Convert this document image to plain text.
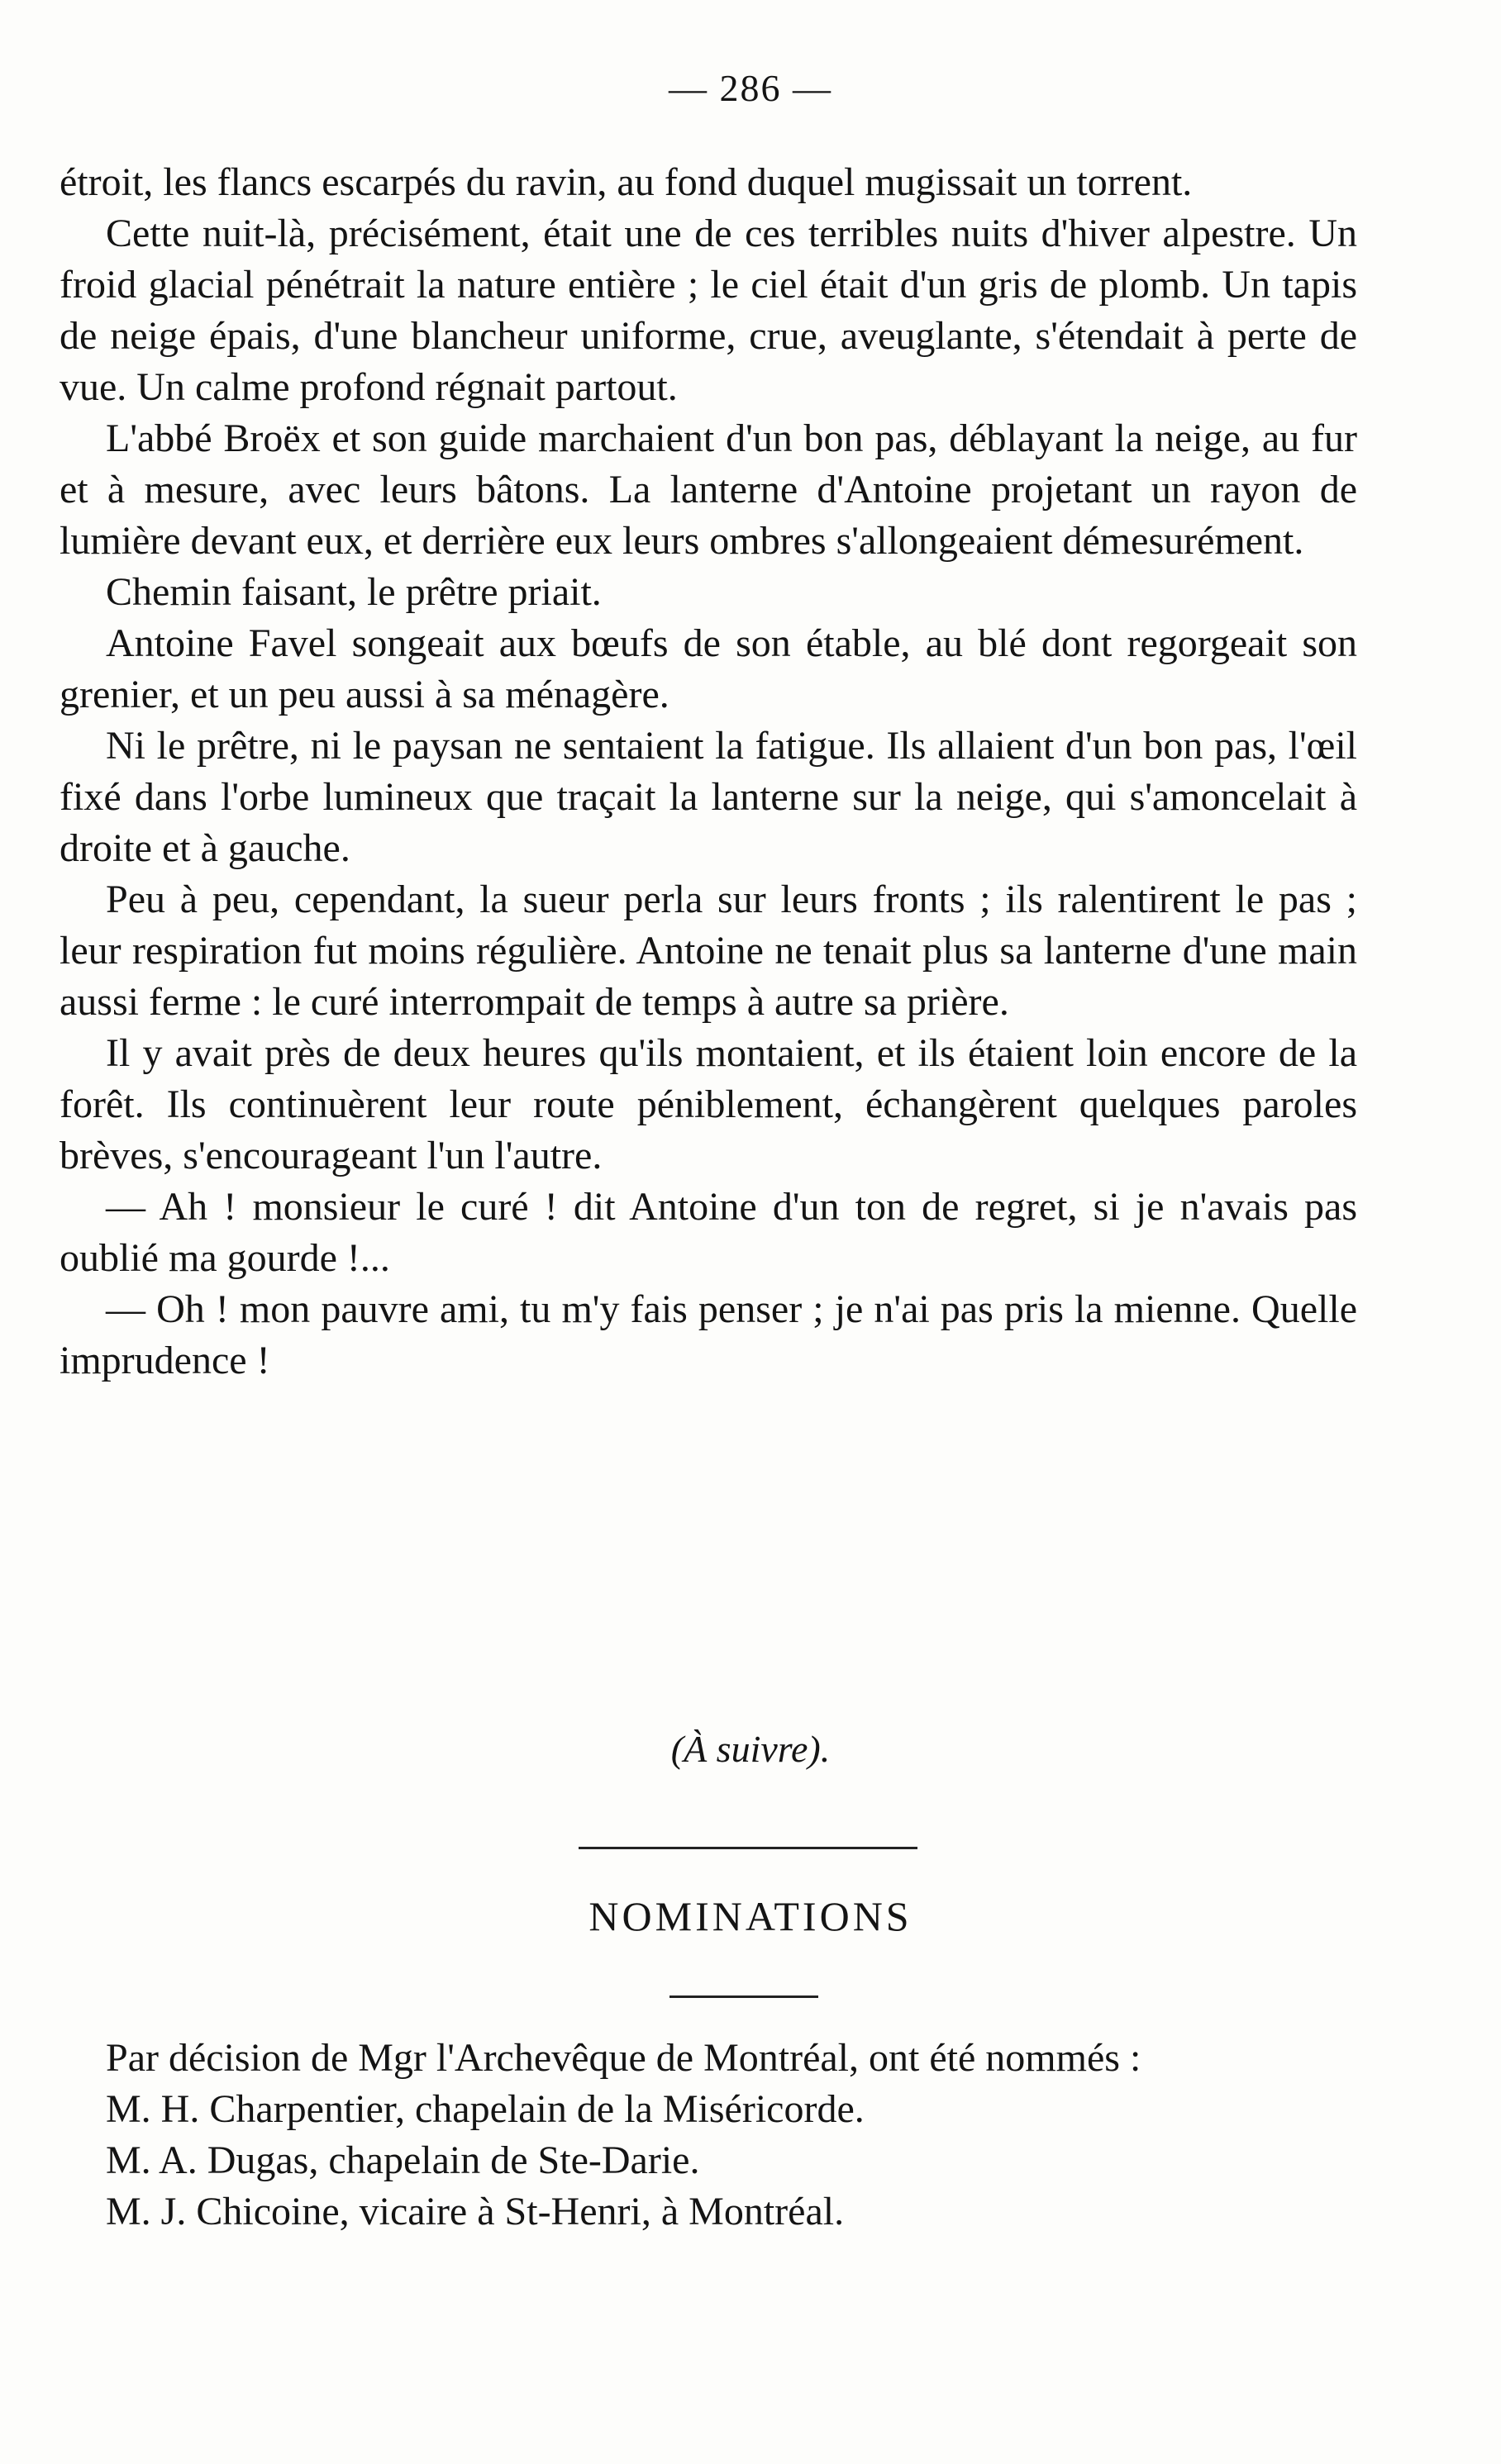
— 286 —

étroit, les flancs escarpés du ravin, au fond duquel mugissait un torrent.

Cette nuit-là, précisément, était une de ces terribles nuits d'hiver alpestre. Un froid glacial pénétrait la nature entière ; le ciel était d'un gris de plomb. Un tapis de neige épais, d'une blancheur uniforme, crue, aveuglante, s'étendait à perte de vue. Un calme profond régnait partout.

L'abbé Broëx et son guide marchaient d'un bon pas, déblayant la neige, au fur et à mesure, avec leurs bâtons. La lanterne d'Antoine projetant un rayon de lumière devant eux, et derrière eux leurs ombres s'allongeaient démesurément.

Chemin faisant, le prêtre priait.

Antoine Favel songeait aux bœufs de son étable, au blé dont regorgeait son grenier, et un peu aussi à sa ménagère.

Ni le prêtre, ni le paysan ne sentaient la fatigue. Ils allaient d'un bon pas, l'œil fixé dans l'orbe lumineux que traçait la lanterne sur la neige, qui s'amoncelait à droite et à gauche.

Peu à peu, cependant, la sueur perla sur leurs fronts ; ils ralentirent le pas ; leur respiration fut moins régulière. Antoine ne tenait plus sa lanterne d'une main aussi ferme : le curé interrompait de temps à autre sa prière.

Il y avait près de deux heures qu'ils montaient, et ils étaient loin encore de la forêt. Ils continuèrent leur route péniblement, échangèrent quelques paroles brèves, s'encourageant l'un l'autre.

— Ah ! monsieur le curé ! dit Antoine d'un ton de regret, si je n'avais pas oublié ma gourde !...

— Oh ! mon pauvre ami, tu m'y fais penser ; je n'ai pas pris la mienne. Quelle imprudence !

(À suivre).
NOMINATIONS

Par décision de Mgr l'Archevêque de Montréal, ont été nommés :

M. H. Charpentier, chapelain de la Miséricorde.
M. A. Dugas, chapelain de Ste-Darie.
M. J. Chicoine, vicaire à St-Henri, à Montréal.
